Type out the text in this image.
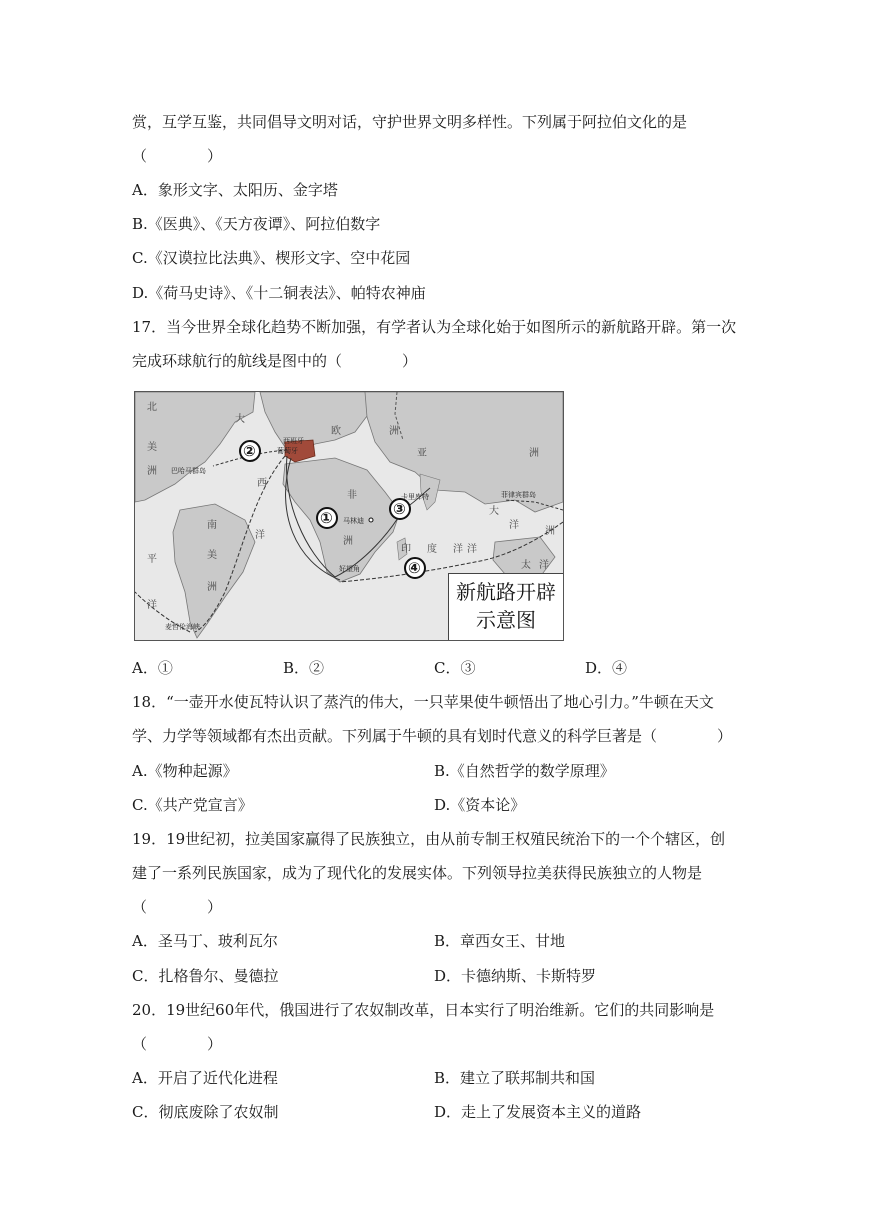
赏，互学互鉴，共同倡导文明对话，守护世界文明多样性。下列属于阿拉伯文化的是
（　　　　）
A．象形文字、太阳历、金字塔
B.《医典》、《天方夜谭》、阿拉伯数字
C.《汉谟拉比法典》、楔形文字、空中花园
D.《荷马史诗》、《十二铜表法》、帕特农神庙
17．当今世界全球化趋势不断加强，有学者认为全球化始于如图所示的新航路开辟。第一次
完成环球航行的航线是图中的（　　　　）
①
②
③
④
北
大
美
洲
西
洋
南
美
洲
平
洋
欧	洲
亚	洲
非
洲
印 度 洋
太 洋
洲
大
洋
洋
西班牙
葡萄牙
巴哈马群岛
马林迪
卡里库特	菲律宾群岛
好望角
麦哲伦海峡
新航路开辟示意图
A．①	B．②	C．③	D．④
18．“一壶开水使瓦特认识了蒸汽的伟大，一只苹果使牛顿悟出了地心引力。”牛顿在天文
学、力学等领域都有杰出贡献。下列属于牛顿的具有划时代意义的科学巨著是（　　　　）
A.《物种起源》	B.《自然哲学的数学原理》
C.《共产党宣言》	D.《资本论》
19．19世纪初，拉美国家赢得了民族独立，由从前专制王权殖民统治下的一个个辖区，创
建了一系列民族国家，成为了现代化的发展实体。下列领导拉美获得民族独立的人物是
（　　　　）
A．圣马丁、玻利瓦尔	B．章西女王、甘地
C．扎格鲁尔、曼德拉	D．卡德纳斯、卡斯特罗
20．19世纪60年代，俄国进行了农奴制改革，日本实行了明治维新。它们的共同影响是
（　　　　）
A．开启了近代化进程	B．建立了联邦制共和国
C．彻底废除了农奴制	D．走上了发展资本主义的道路
